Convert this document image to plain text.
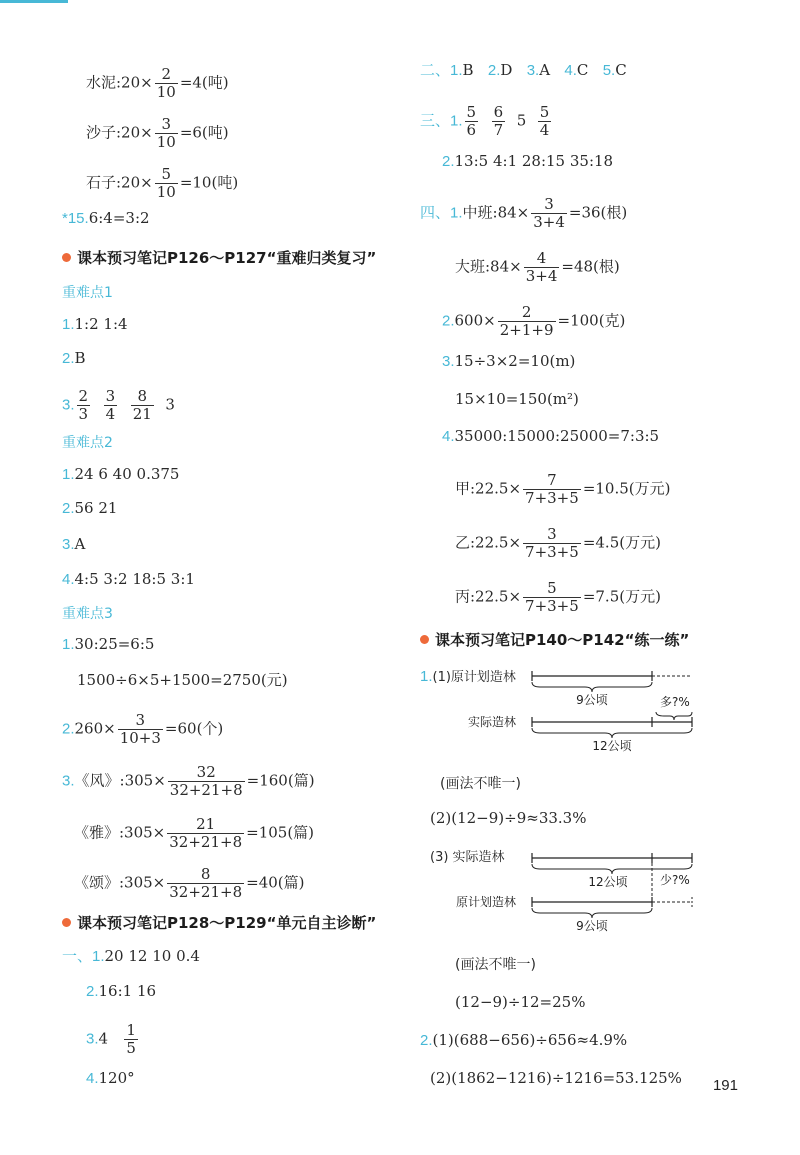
水泥:20× $\frac{2}{10} =4$(吨)
沙子:20× $\frac{3}{10} =6$(吨)
石子:20× $\frac{5}{10} =10$(吨)
*15.6:4=3:2
课本预习笔记P126～P127“重难归类复习”
重难点1
1.1:2 1:4
2.B
3. $\frac{2}{3}$
$\frac{3}{4}$
$\frac{8}{21} 3$
重难点2
1.24 6 40 0.375
2.56 21
3.A
4.4:5 3:2 18:5 3:1
重难点3
1.30:25=6:5
1500÷6×5+1500=2750(元)
$2.260\times \frac{3}{10+3} =60$(个)
3.《风》:305× $\frac{32}{32+21+8} =160$(篇)
《雅》:305× $\frac{21}{32+21+8} =105$(篇)
《颂》:305× $\frac{8}{32+21+8} =40$(篇)
课本预习笔记P128～P129“单元自主诊断”
一、1.20 12 10 0.4
2.16:1 16
$3.4 \frac{1}{5}$
4.120°
二、1.B 2.D 3.A 4.C 5.C
三、1. $\frac{5}{6}$
$\frac{6}{7} 5 \frac{5}{4}$
2.13:5 4:1 28:15 35:18
四、1.中班:84× $\frac{3}{3+4} =36$(根)
大班:84× $\frac{4}{3+4} =48$(根)
$2.600\times \frac{2}{2+1+9} =100$(克)
3.15÷3×2=10(m)
15×10=150(m²)
4.35000:15000:25000=7:3:5
甲:22.5× $\frac{7}{7+3+5} =10.5$(万元)
乙:22.5× $\frac{3}{7+3+5} =4.5$(万元)
丙:22.5× $\frac{5}{7+3+5} =7.5$(万元)
课本预习笔记P140～P142“练一练”
1.(1)原计划造林
9公顷	多?%
实际造林
12公顷
(画法不唯一)
(2)(12−9)÷9≈33.3%
(3) 实际造林
12公顷	少?%
原计划造林
9公顷
(画法不唯一)
(12−9)÷12=25%
2.(1)(688−656)÷656≈4.9%
(2)(1862−1216)÷1216=53.125% 191
